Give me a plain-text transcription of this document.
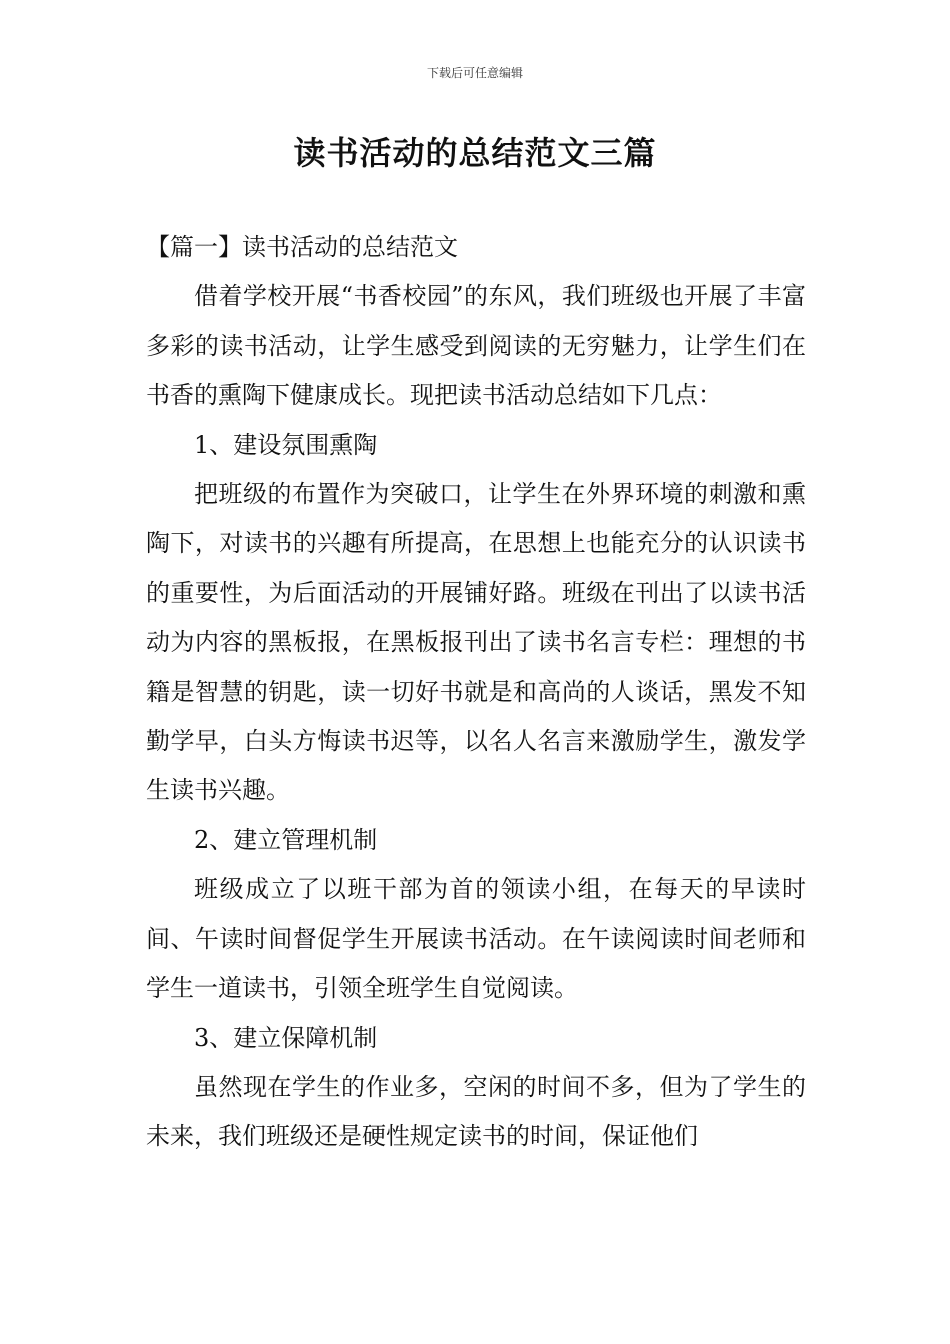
下载后可任意编辑
读书活动的总结范文三篇

【篇一】读书活动的总结范文

借着学校开展“书香校园”的东风，我们班级也开展了丰富多彩的读书活动，让学生感受到阅读的无穷魅力，让学生们在书香的熏陶下健康成长。现把读书活动总结如下几点：

1、建设氛围熏陶

把班级的布置作为突破口，让学生在外界环境的刺激和熏陶下，对读书的兴趣有所提高，在思想上也能充分的认识读书的重要性，为后面活动的开展铺好路。班级在刊出了以读书活动为内容的黑板报，在黑板报刊出了读书名言专栏：理想的书籍是智慧的钥匙，读一切好书就是和高尚的人谈话，黑发不知勤学早，白头方悔读书迟等，以名人名言来激励学生，激发学生读书兴趣。

2、建立管理机制

班级成立了以班干部为首的领读小组，在每天的早读时间、午读时间督促学生开展读书活动。在午读阅读时间老师和学生一道读书，引领全班学生自觉阅读。

3、建立保障机制

虽然现在学生的作业多，空闲的时间不多，但为了学生的未来，我们班级还是硬性规定读书的时间，保证他们
